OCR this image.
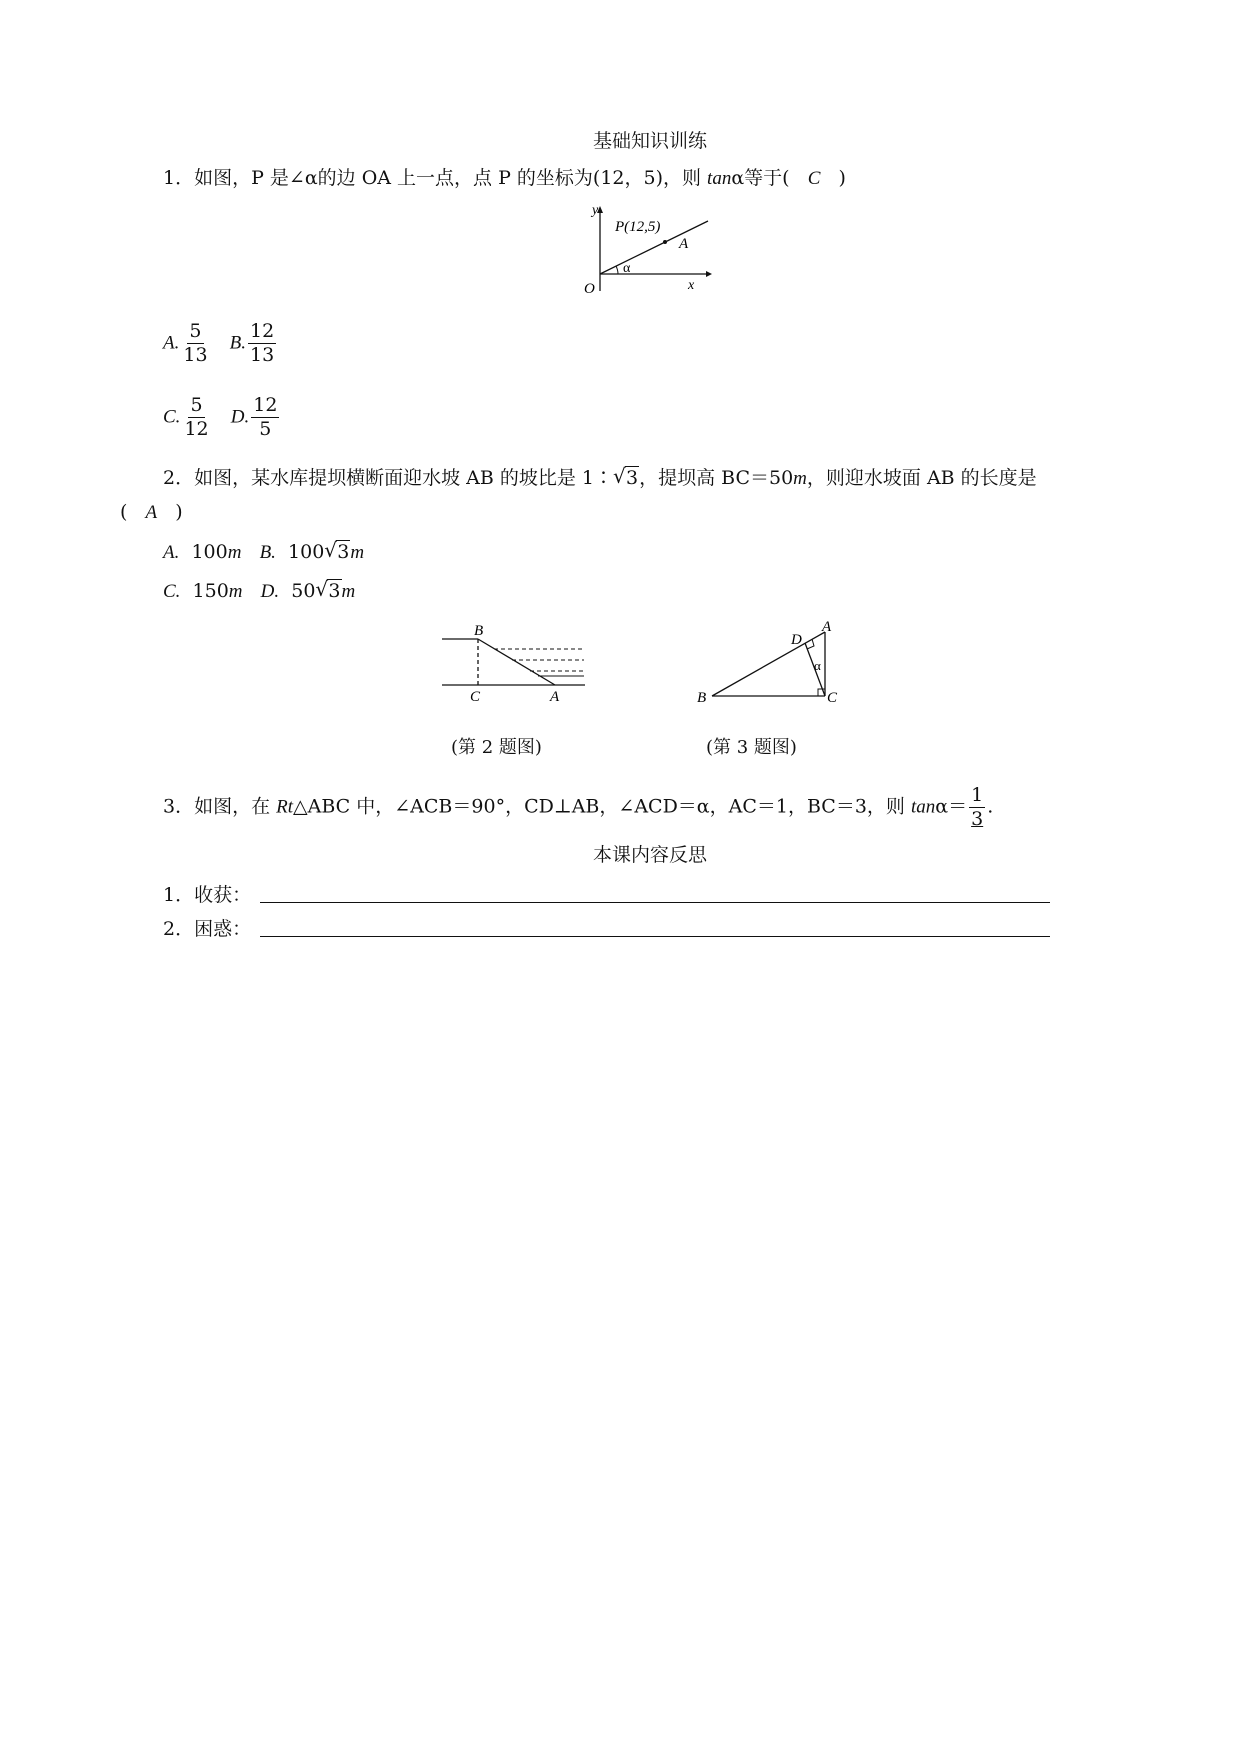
基础知识训练
1．如图，P 是∠α的边 OA 上一点，点 P 的坐标为(12，5)，则 tanα等于( C )
y
x
O
P(12,5)
A
α
A. $\frac{5}{13} B$. $\frac{12}{13}$
C. $\frac{5}{12} D$. $\frac{12}{5}$
2．如图，某水库提坝横断面迎水坡 AB 的坡比是 1∶ √ 3，提坝高 BC＝50m，则迎水坡面 AB 的长度是
( A )
A. 100m B. 100 √ 3m
C. 150m D. 50 √ 3m
B
C	A
(第 2 题图)
A
B	C
D
α
(第 3 题图)
3．如图，在 Rt△ABC 中，∠ACB＝90°，CD⊥AB，∠ACD＝α，AC＝1，BC＝3，则 $\tan\alpha= \frac{1}{3}$ .
本课内容反思
1．收获：
2．困惑：
